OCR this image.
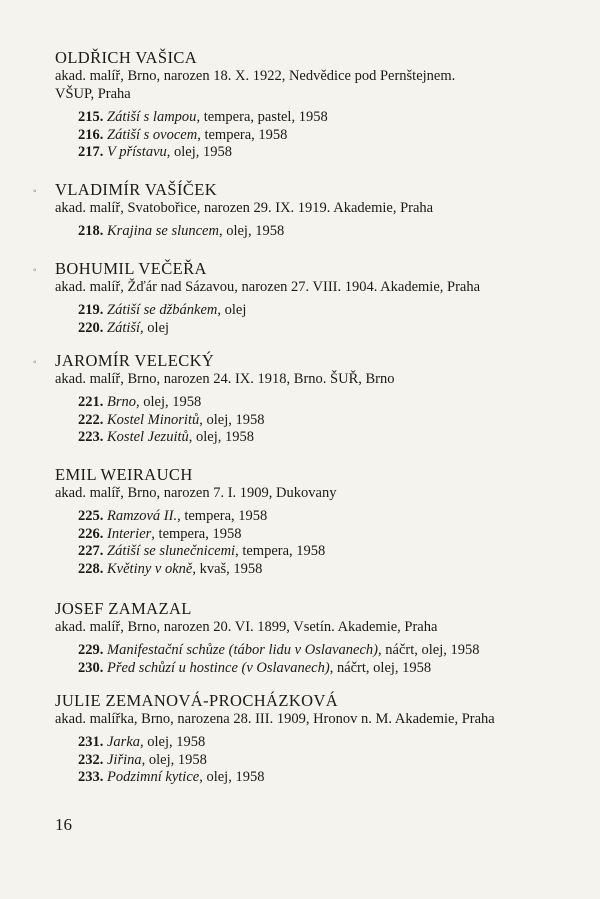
◦
◦
◦
OLDŘICH VAŠICA
akad. malíř, Brno, narozen 18. X. 1922, Nedvědice pod Pernštejnem.
VŠUP, Praha
215. Zátiší s lampou, tempera, pastel, 1958
216. Zátiší s ovocem, tempera, 1958
217. V přístavu, olej, 1958
VLADIMÍR VAŠÍČEK
akad. malíř, Svatobořice, narozen 29. IX. 1919. Akademie, Praha
218. Krajina se sluncem, olej, 1958
BOHUMIL VEČEŘA
akad. malíř, Žďár nad Sázavou, narozen 27. VIII. 1904. Akademie, Praha
219. Zátiší se džbánkem, olej
220. Zátiší, olej
JAROMÍR VELECKÝ
akad. malíř, Brno, narozen 24. IX. 1918, Brno. ŠUŘ, Brno
221. Brno, olej, 1958
222. Kostel Minoritů, olej, 1958
223. Kostel Jezuitů, olej, 1958
EMIL WEIRAUCH
akad. malíř, Brno, narozen 7. I. 1909, Dukovany
225. Ramzová II., tempera, 1958
226. Interier, tempera, 1958
227. Zátiší se slunečnicemi, tempera, 1958
228. Květiny v okně, kvaš, 1958
JOSEF ZAMAZAL
akad. malíř, Brno, narozen 20. VI. 1899, Vsetín. Akademie, Praha
229. Manifestační schůze (tábor lidu v Oslavanech), náčrt, olej, 1958
230. Před schůzí u hostince (v Oslavanech), náčrt, olej, 1958
JULIE ZEMANOVÁ-PROCHÁZKOVÁ
akad. malířka, Brno, narozena 28. III. 1909, Hronov n. M. Akademie, Praha
231. Jarka, olej, 1958
232. Jiřina, olej, 1958
233. Podzimní kytice, olej, 1958
16
